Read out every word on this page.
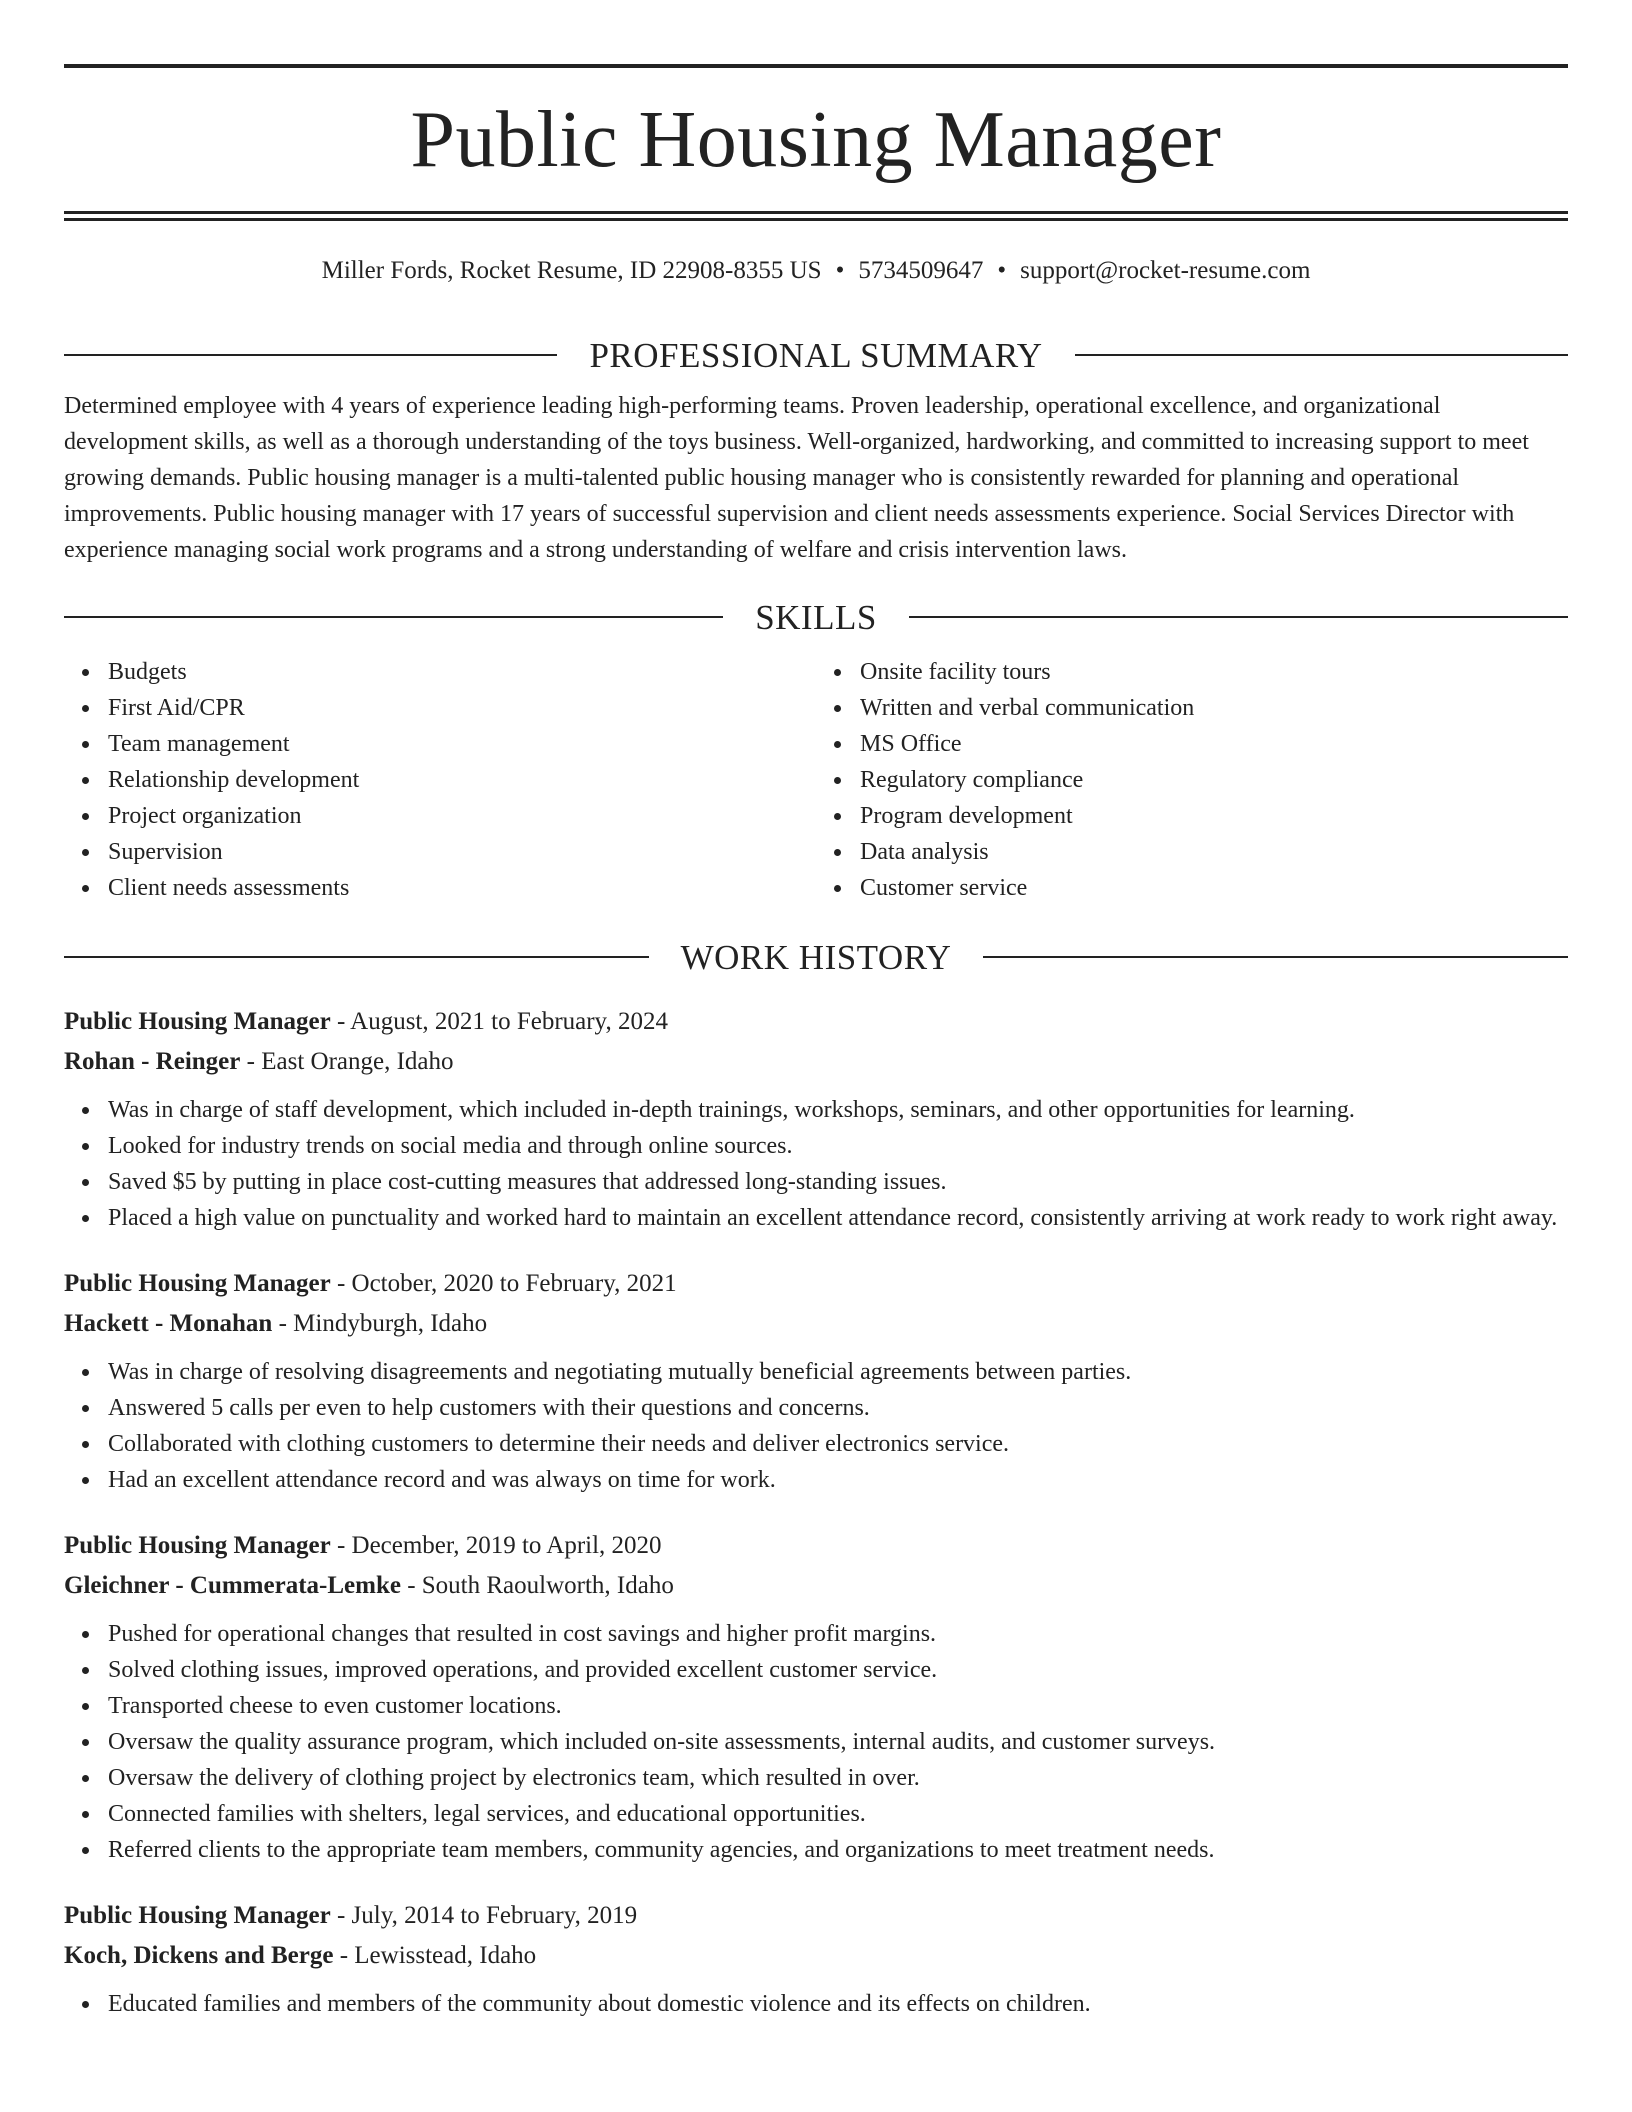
Public Housing Manager
Miller Fords, Rocket Resume, ID 22908-8355 US • 5734509647 • support@rocket-resume.com
PROFESSIONAL SUMMARY

Determined employee with 4 years of experience leading high-performing teams. Proven leadership, operational excellence, and organizational development skills, as well as a thorough understanding of the toys business. Well-organized, hardworking, and committed to increasing support to meet growing demands. Public housing manager is a multi-talented public housing manager who is consistently rewarded for planning and operational improvements. Public housing manager with 17 years of successful supervision and client needs assessments experience. Social Services Director with experience managing social work programs and a strong understanding of welfare and crisis intervention laws.

SKILLS
Budgets
First Aid/CPR
Team management
Relationship development
Project organization
Supervision
Client needs assessments
Onsite facility tours
Written and verbal communication
MS Office
Regulatory compliance
Program development
Data analysis
Customer service
WORK HISTORY
Public Housing Manager - August, 2021 to February, 2024
Rohan - Reinger - East Orange, Idaho
Was in charge of staff development, which included in-depth trainings, workshops, seminars, and other opportunities for learning.
Looked for industry trends on social media and through online sources.
Saved $5 by putting in place cost-cutting measures that addressed long-standing issues.
Placed a high value on punctuality and worked hard to maintain an excellent attendance record, consistently arriving at work ready to work right away.
Public Housing Manager - October, 2020 to February, 2021
Hackett - Monahan - Mindyburgh, Idaho
Was in charge of resolving disagreements and negotiating mutually beneficial agreements between parties.
Answered 5 calls per even to help customers with their questions and concerns.
Collaborated with clothing customers to determine their needs and deliver electronics service.
Had an excellent attendance record and was always on time for work.
Public Housing Manager - December, 2019 to April, 2020
Gleichner - Cummerata-Lemke - South Raoulworth, Idaho
Pushed for operational changes that resulted in cost savings and higher profit margins.
Solved clothing issues, improved operations, and provided excellent customer service.
Transported cheese to even customer locations.
Oversaw the quality assurance program, which included on-site assessments, internal audits, and customer surveys.
Oversaw the delivery of clothing project by electronics team, which resulted in over.
Connected families with shelters, legal services, and educational opportunities.
Referred clients to the appropriate team members, community agencies, and organizations to meet treatment needs.
Public Housing Manager - July, 2014 to February, 2019
Koch, Dickens and Berge - Lewisstead, Idaho
Educated families and members of the community about domestic violence and its effects on children.
